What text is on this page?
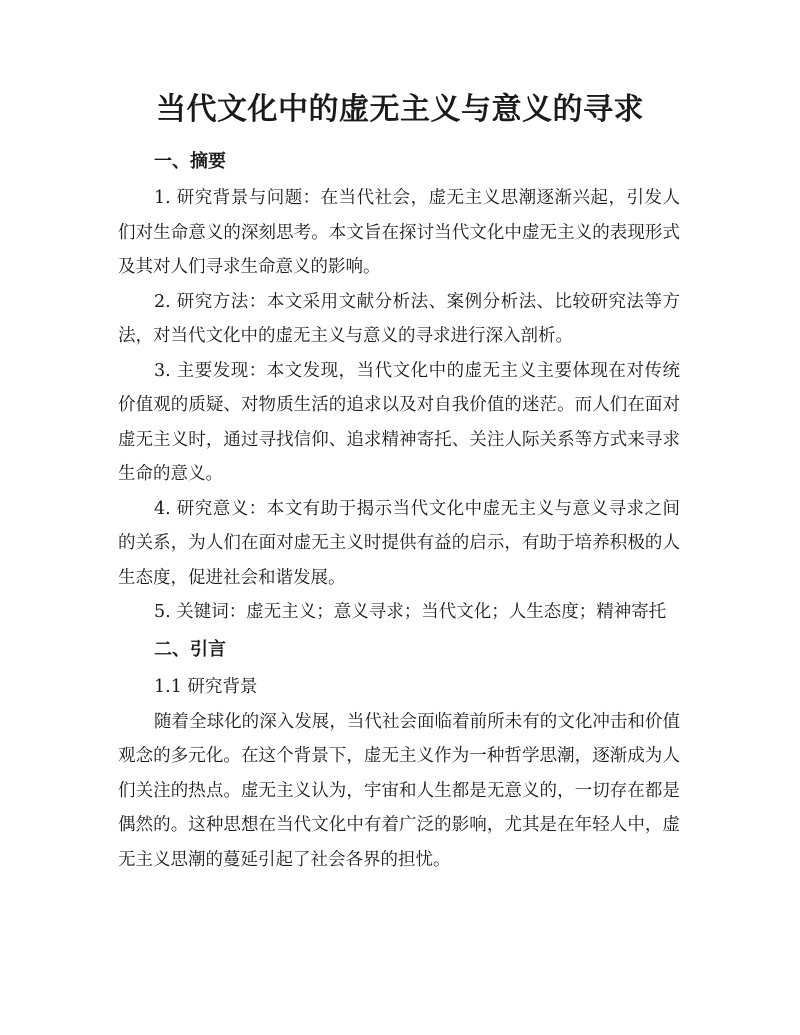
当代文化中的虚无主义与意义的寻求
一、摘要

1. 研究背景与问题：在当代社会，虚无主义思潮逐渐兴起，引发人们对生命意义的深刻思考。本文旨在探讨当代文化中虚无主义的表现形式及其对人们寻求生命意义的影响。

2. 研究方法：本文采用文献分析法、案例分析法、比较研究法等方法，对当代文化中的虚无主义与意义的寻求进行深入剖析。

3. 主要发现：本文发现，当代文化中的虚无主义主要体现在对传统价值观的质疑、对物质生活的追求以及对自我价值的迷茫。而人们在面对虚无主义时，通过寻找信仰、追求精神寄托、关注人际关系等方式来寻求生命的意义。

4. 研究意义：本文有助于揭示当代文化中虚无主义与意义寻求之间的关系，为人们在面对虚无主义时提供有益的启示，有助于培养积极的人生态度，促进社会和谐发展。

5. 关键词：虚无主义；意义寻求；当代文化；人生态度；精神寄托

二、引言

1.1 研究背景

随着全球化的深入发展，当代社会面临着前所未有的文化冲击和价值观念的多元化。在这个背景下，虚无主义作为一种哲学思潮，逐渐成为人们关注的热点。虚无主义认为，宇宙和人生都是无意义的，一切存在都是偶然的。这种思想在当代文化中有着广泛的影响，尤其是在年轻人中，虚无主义思潮的蔓延引起了社会各界的担忧。
